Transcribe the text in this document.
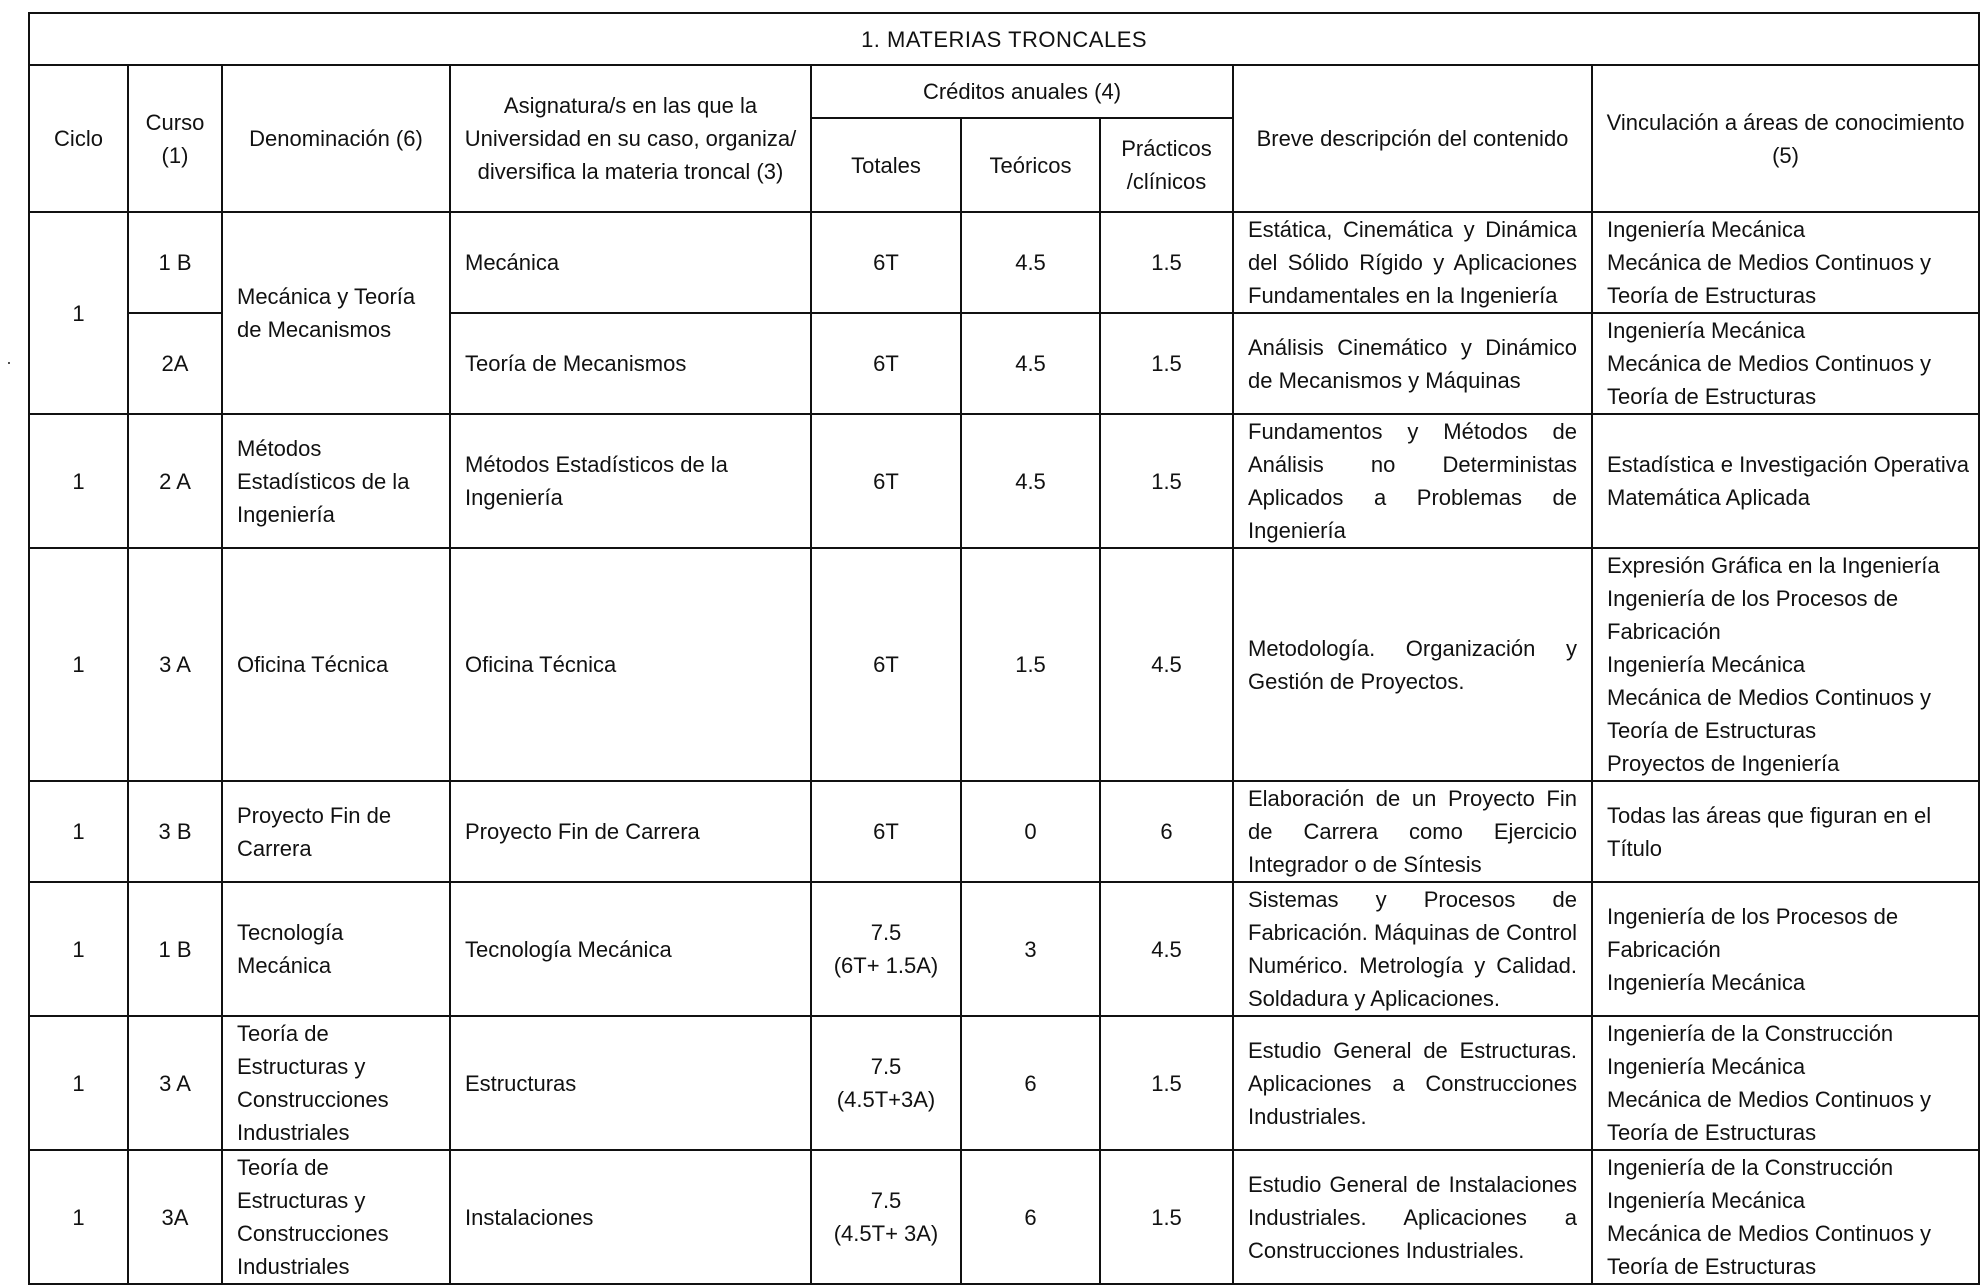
·
1. MATERIAS TRONCALES								
Ciclo	Curso (1)	Denominación (6)	Asignatura/s en las que la Universidad en su caso, organiza/ diversifica la materia troncal (3)	Créditos anuales (4)			Breve descripción del contenido	Vinculación a áreas de conocimiento (5)
				Totales	Teóricos	Prácticos /clínicos		
1	1 B	Mecánica y Teoría de Mecanismos	Mecánica	6T	4.5	1.5	Estática, Cinemática y Dinámica del Sólido Rígido y Aplicaciones Fundamentales en la Ingeniería	Ingeniería Mecánica
Mecánica de Medios Continuos y Teoría de Estructuras
	2A		Teoría de Mecanismos	6T	4.5	1.5	Análisis Cinemático y Dinámico de Mecanismos y Máquinas	Ingeniería Mecánica
Mecánica de Medios Continuos y Teoría de Estructuras
1	2 A	Métodos Estadísticos de la Ingeniería	Métodos Estadísticos de la Ingeniería	6T	4.5	1.5	Fundamentos y Métodos de Análisis no Deterministas Aplicados a Problemas de Ingeniería	Estadística e Investigación Operativa
Matemática Aplicada
1	3 A	Oficina Técnica	Oficina Técnica	6T	1.5	4.5	Metodología. Organización y Gestión de Proyectos.	Expresión Gráfica en la Ingeniería
Ingeniería de los Procesos de Fabricación
Ingeniería Mecánica
Mecánica de Medios Continuos y Teoría de Estructuras
Proyectos de Ingeniería
1	3 B	Proyecto Fin de Carrera	Proyecto Fin de Carrera	6T	0	6	Elaboración de un Proyecto Fin de Carrera como Ejercicio Integrador o de Síntesis	Todas las áreas que figuran en el Título
1	1 B	Tecnología Mecánica	Tecnología Mecánica	7.5
(6T+ 1.5A)	3	4.5	Sistemas y Procesos de Fabricación. Máquinas de Control Numérico. Metrología y Calidad. Soldadura y Aplicaciones.	Ingeniería de los Procesos de Fabricación
Ingeniería Mecánica
1	3 A	Teoría de Estructuras y Construcciones Industriales	Estructuras	7.5
(4.5T+3A)	6	1.5	Estudio General de Estructuras. Aplicaciones a Construcciones Industriales.	Ingeniería de la Construcción
Ingeniería Mecánica
Mecánica de Medios Continuos y Teoría de Estructuras
1	3A	Teoría de Estructuras y Construcciones Industriales	Instalaciones	7.5
(4.5T+ 3A)	6	1.5	Estudio General de Instalaciones Industriales. Aplicaciones a Construcciones Industriales.	Ingeniería de la Construcción
Ingeniería Mecánica
Mecánica de Medios Continuos y Teoría de Estructuras
